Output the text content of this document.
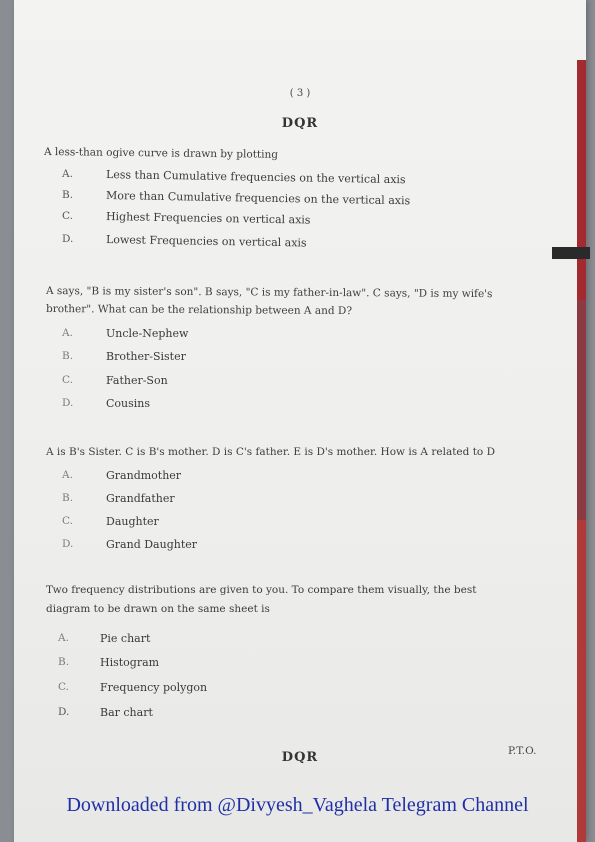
( 3 )
DQR
A less-than ogive curve is drawn by plotting
A.	Less than Cumulative frequencies on the vertical axis
B.	More than Cumulative frequencies on the vertical axis
C.	Highest Frequencies on vertical axis
D.	Lowest Frequencies on vertical axis
A says, "B is my sister's son". B says, "C is my father-in-law". C says, "D is my wife's
brother". What can be the relationship between A and D?
A.	Uncle-Nephew
B.	Brother-Sister
C.	Father-Son
D.	Cousins
A is B's Sister. C is B's mother. D is C's father. E is D's mother. How is A related to D
A.	Grandmother
B.	Grandfather
C.	Daughter
D.	Grand Daughter
Two frequency distributions are given to you. To compare them visually, the best
diagram to be drawn on the same sheet is
A.	Pie chart
B.	Histogram
C.	Frequency polygon
D.	Bar chart
DQR	P.T.O.
Downloaded from @Divyesh_Vaghela Telegram Channel
